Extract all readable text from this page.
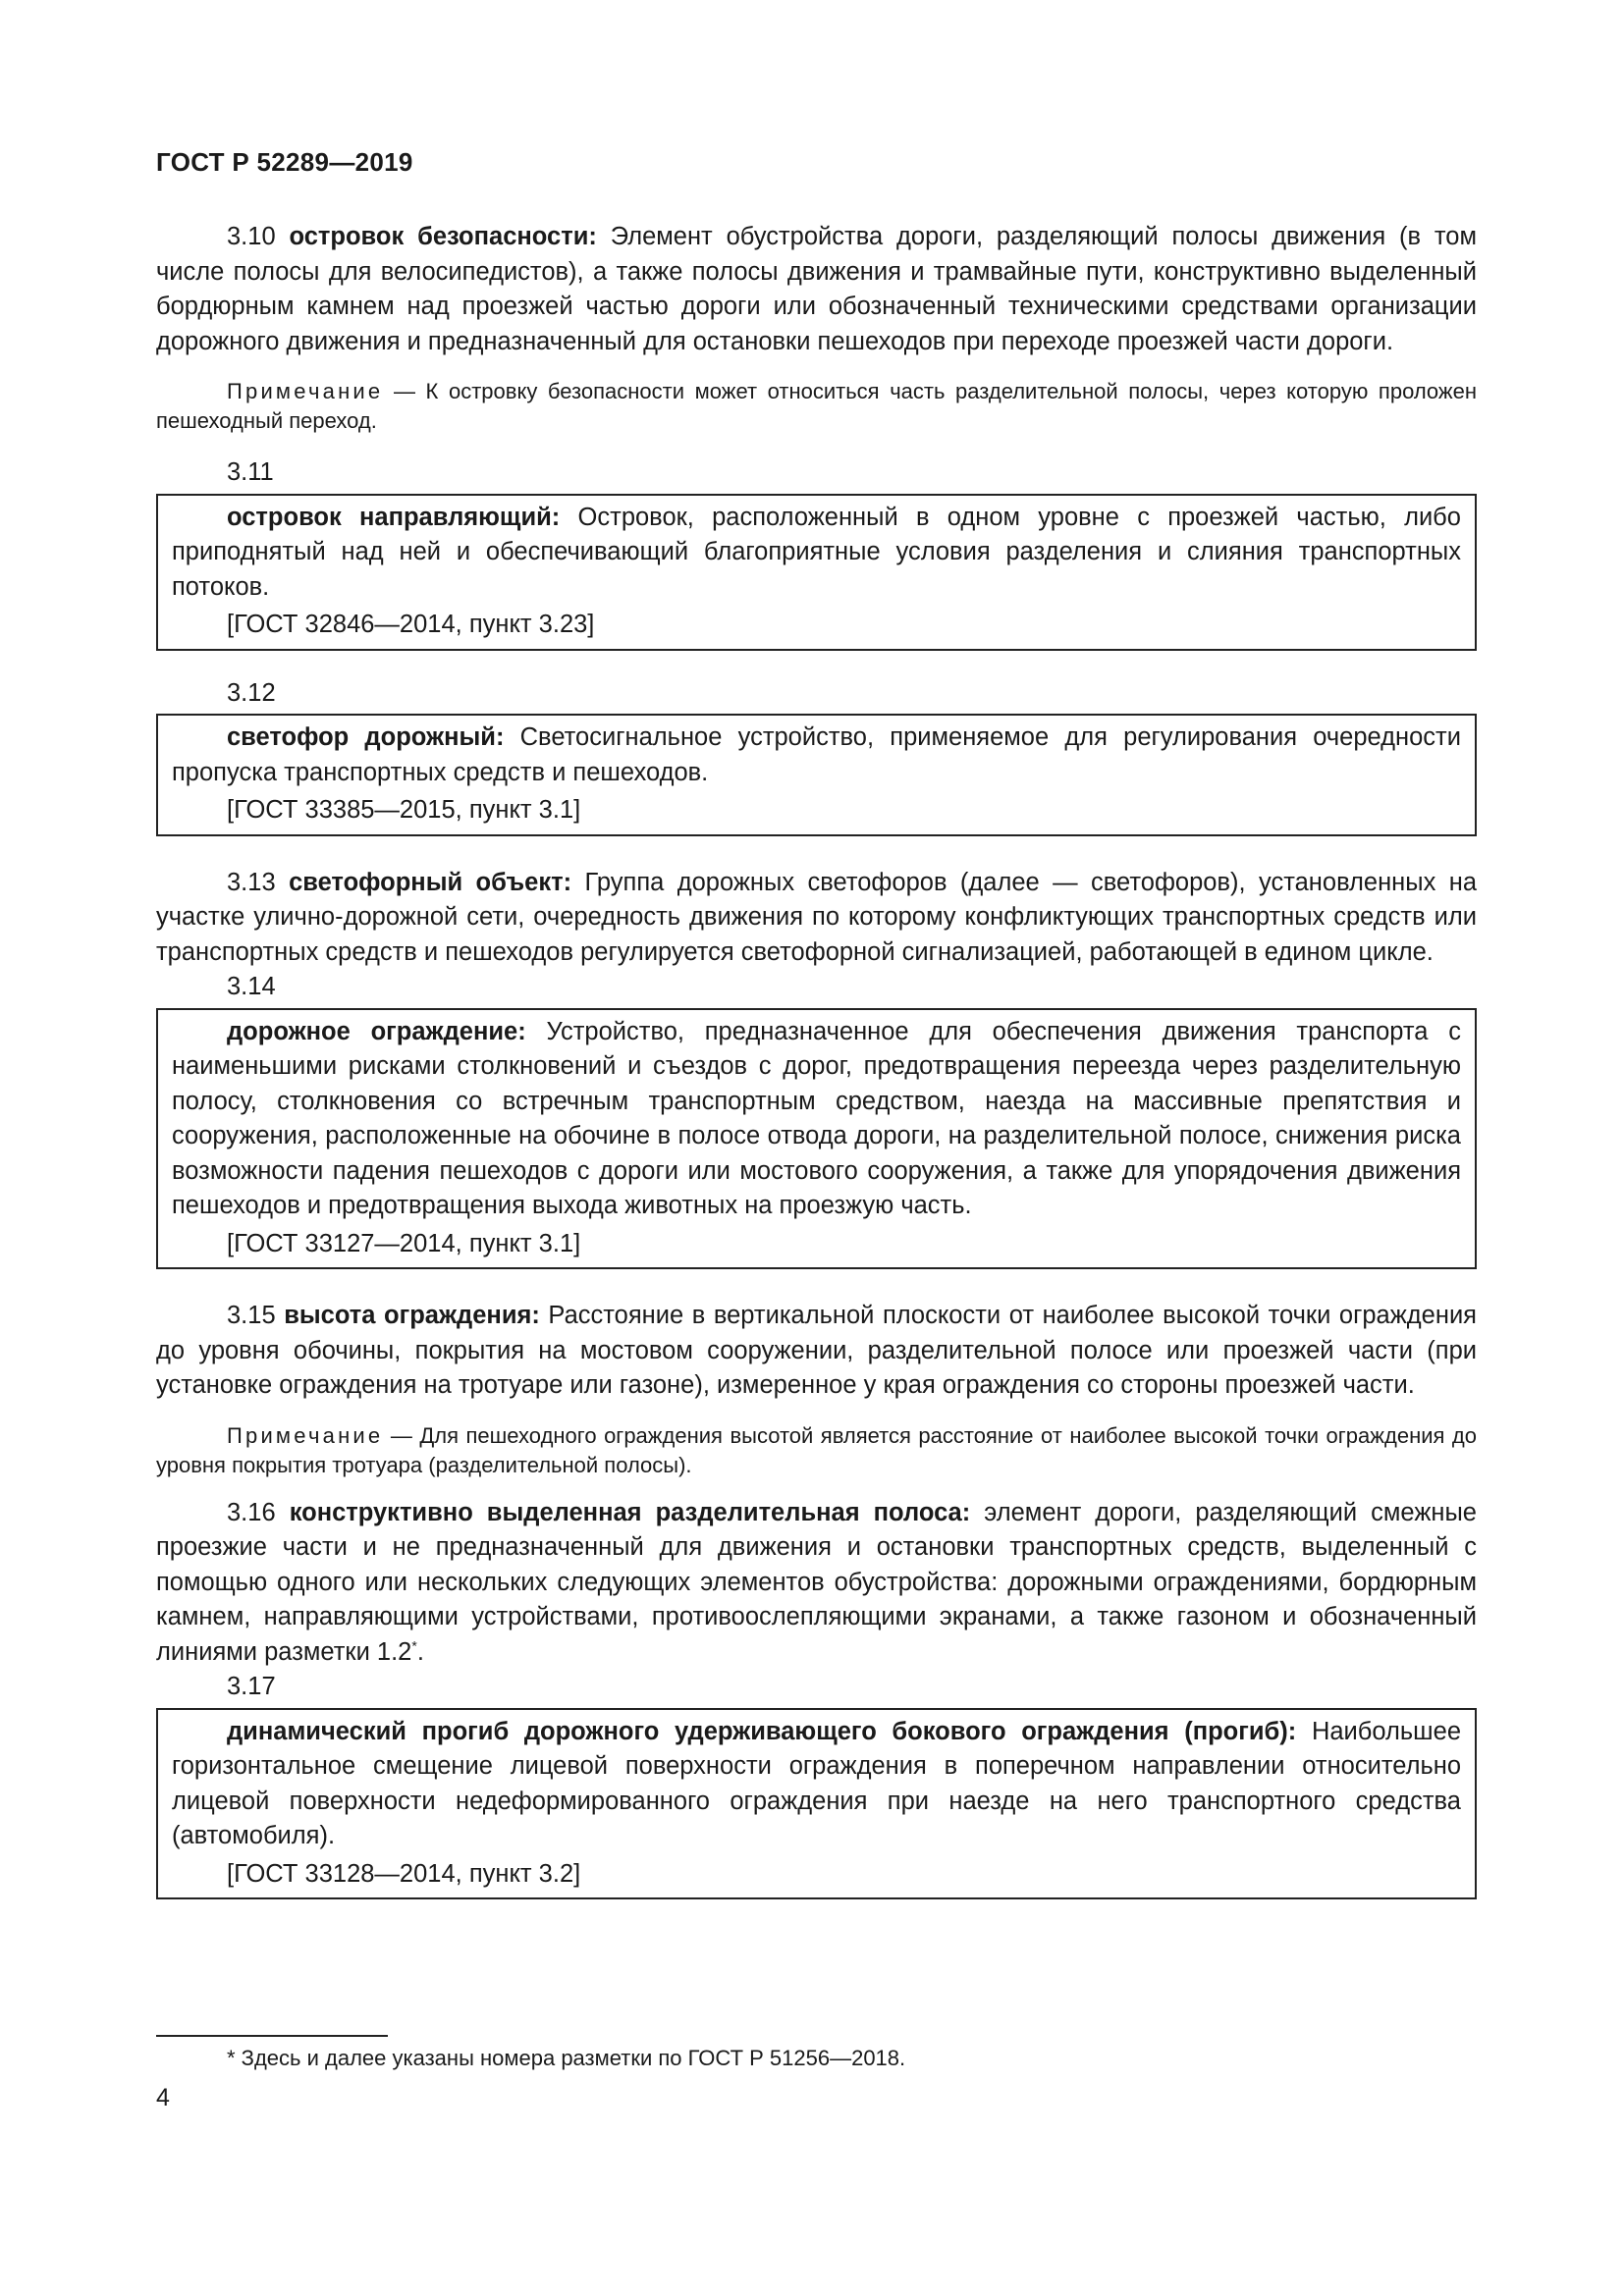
ГОСТ Р 52289—2019

3.10 островок безопасности: Элемент обустройства дороги, разделяющий полосы движения (в том числе полосы для велосипедистов), а также полосы движения и трамвайные пути, конструктивно выделенный бордюрным камнем над проезжей частью дороги или обозначенный техническими средствами организации дорожного движения и предназначенный для остановки пешеходов при переходе проезжей части дороги.

Примечание — К островку безопасности может относиться часть разделительной полосы, через которую проложен пешеходный переход.

3.11

островок направляющий: Островок, расположенный в одном уровне с проезжей частью, либо приподнятый над ней и обеспечивающий благоприятные условия разделения и слияния транспортных потоков.

[ГОСТ 32846—2014, пункт 3.23]

3.12

светофор дорожный: Светосигнальное устройство, применяемое для регулирования очередности пропуска транспортных средств и пешеходов.

[ГОСТ 33385—2015, пункт 3.1]

3.13 светофорный объект: Группа дорожных светофоров (далее — светофоров), установленных на участке улично-дорожной сети, очередность движения по которому конфликтующих транспортных средств или транспортных средств и пешеходов регулируется светофорной сигнализацией, работающей в едином цикле.

3.14

дорожное ограждение: Устройство, предназначенное для обеспечения движения транспорта с наименьшими рисками столкновений и съездов с дорог, предотвращения переезда через разделительную полосу, столкновения со встречным транспортным средством, наезда на массивные препятствия и сооружения, расположенные на обочине в полосе отвода дороги, на разделительной полосе, снижения риска возможности падения пешеходов с дороги или мостового сооружения, а также для упорядочения движения пешеходов и предотвращения выхода животных на проезжую часть.

[ГОСТ 33127—2014, пункт 3.1]

3.15 высота ограждения: Расстояние в вертикальной плоскости от наиболее высокой точки ограждения до уровня обочины, покрытия на мостовом сооружении, разделительной полосе или проезжей части (при установке ограждения на тротуаре или газоне), измеренное у края ограждения со стороны проезжей части.

Примечание — Для пешеходного ограждения высотой является расстояние от наиболее высокой точки ограждения до уровня покрытия тротуара (разделительной полосы).

3.16 конструктивно выделенная разделительная полоса: элемент дороги, разделяющий смежные проезжие части и не предназначенный для движения и остановки транспортных средств, выделенный с помощью одного или нескольких следующих элементов обустройства: дорожными ограждениями, бордюрным камнем, направляющими устройствами, противоослепляющими экранами, а также газоном и обозначенный линиями разметки 1.2*.

3.17

динамический прогиб дорожного удерживающего бокового ограждения (прогиб): Наибольшее горизонтальное смещение лицевой поверхности ограждения в поперечном направлении относительно лицевой поверхности недеформированного ограждения при наезде на него транспортного средства (автомобиля).

[ГОСТ 33128—2014, пункт 3.2]

* Здесь и далее указаны номера разметки по ГОСТ Р 51256—2018.
4
